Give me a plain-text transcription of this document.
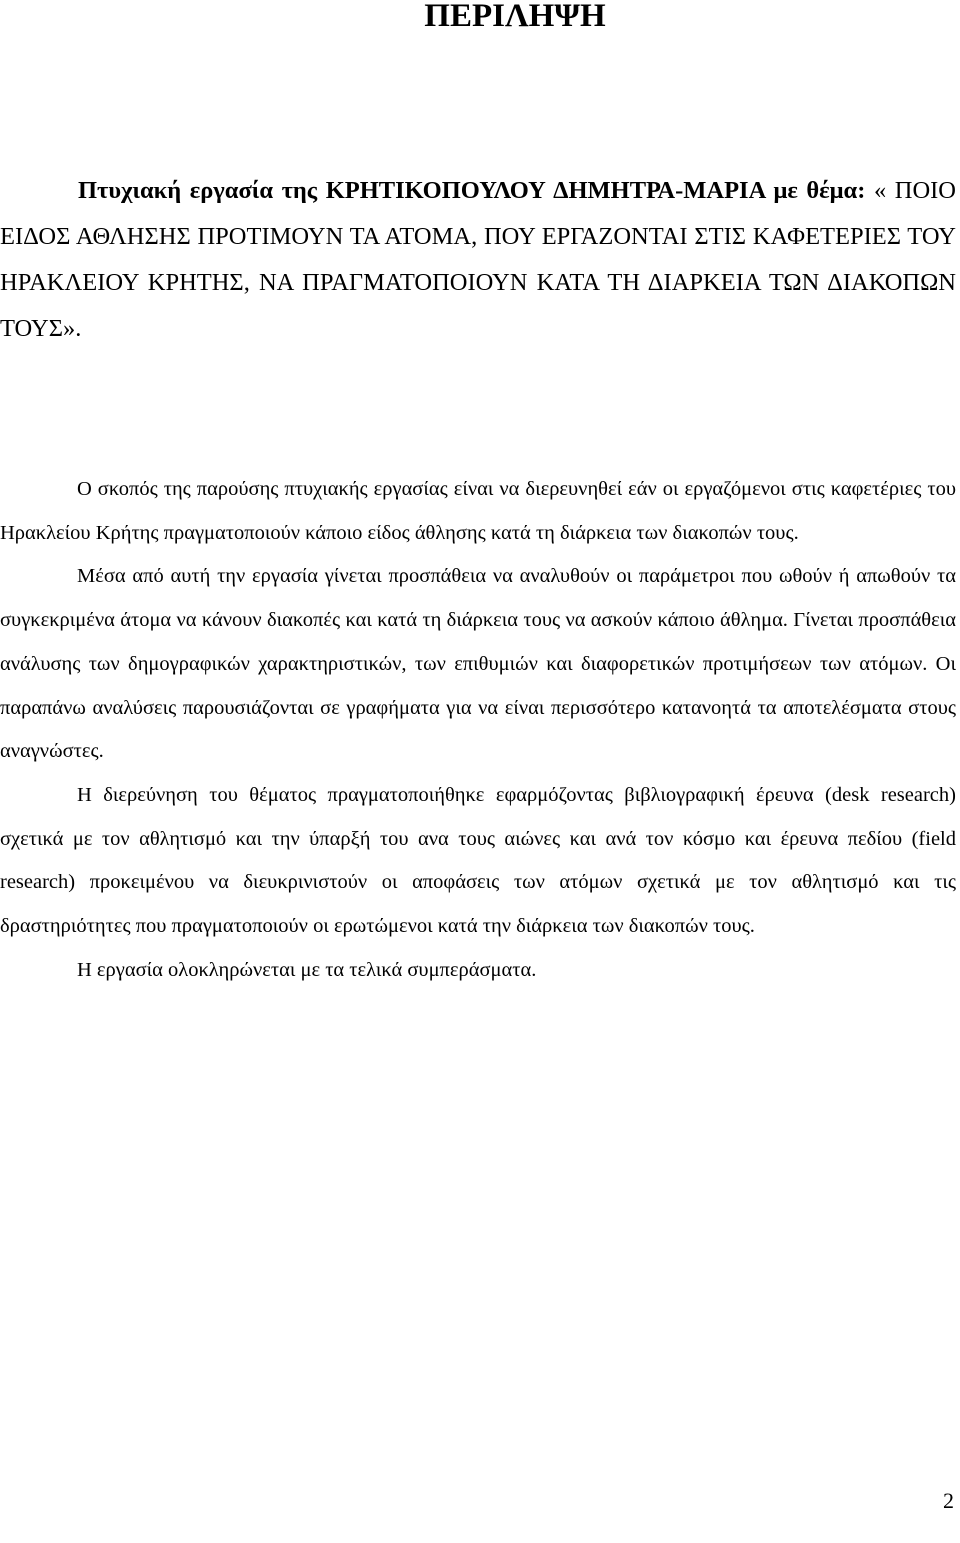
ΠΕΡΙΛΗΨΗ

Πτυχιακή εργασία της ΚΡΗΤΙΚΟΠΟΥΛΟΥ ΔΗΜΗΤΡΑ-ΜΑΡΙΑ με θέμα: « ΠΟΙΟ ΕΙΔΟΣ ΑΘΛΗΣΗΣ ΠΡΟΤΙΜΟΥΝ ΤΑ ΑΤΟΜΑ, ΠΟΥ ΕΡΓΑΖΟΝΤΑΙ ΣΤΙΣ ΚΑΦΕΤΕΡΙΕΣ ΤΟΥ ΗΡΑΚΛΕΙΟΥ ΚΡΗΤΗΣ, ΝΑ ΠΡΑΓΜΑΤΟΠΟΙΟΥΝ ΚΑΤΑ ΤΗ ΔΙΑΡΚΕΙΑ ΤΩΝ ΔΙΑΚΟΠΩΝ ΤΟΥΣ».

Ο σκοπός της παρούσης πτυχιακής εργασίας είναι να διερευνηθεί εάν οι εργαζόμενοι στις καφετέριες του Ηρακλείου Κρήτης πραγματοποιούν κάποιο είδος άθλησης κατά τη διάρκεια των διακοπών τους.

Μέσα από αυτή την εργασία γίνεται προσπάθεια να αναλυθούν οι παράμετροι που ωθούν ή απωθούν τα συγκεκριμένα άτομα να κάνουν διακοπές και κατά τη διάρκεια τους να ασκούν κάποιο άθλημα. Γίνεται προσπάθεια ανάλυσης των δημογραφικών χαρακτηριστικών, των επιθυμιών και διαφορετικών προτιμήσεων των ατόμων. Οι παραπάνω αναλύσεις παρουσιάζονται σε γραφήματα για να είναι περισσότερο κατανοητά τα αποτελέσματα στους αναγνώστες.

Η διερεύνηση του θέματος πραγματοποιήθηκε εφαρμόζοντας βιβλιογραφική έρευνα (desk research) σχετικά με τον αθλητισμό και την ύπαρξή του ανα τους αιώνες και ανά τον κόσμο και έρευνα πεδίου (field research) προκειμένου να διευκρινιστούν οι αποφάσεις των ατόμων σχετικά με τον αθλητισμό και τις δραστηριότητες που πραγματοποιούν οι ερωτώμενοι κατά την διάρκεια των διακοπών τους.

Η εργασία ολοκληρώνεται με τα τελικά συμπεράσματα.

2
